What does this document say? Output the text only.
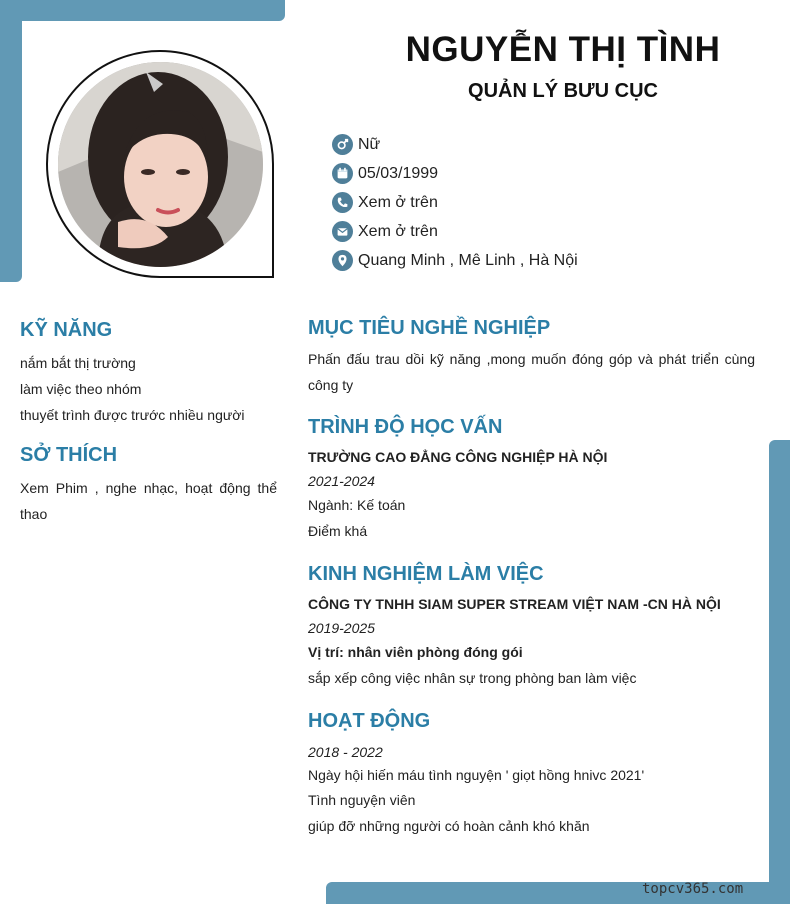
NGUYỄN THỊ TÌNH
QUẢN LÝ BƯU CỤC
Nữ
05/03/1999
Xem ở trên
Xem ở trên
Quang Minh , Mê Linh , Hà Nội
KỸ NĂNG
nắm bắt thị trường
làm việc theo nhóm
thuyết trình được trước nhiều người
SỞ THÍCH
Xem Phim , nghe nhạc, hoạt động thể thao
MỤC TIÊU NGHỀ NGHIỆP
Phấn đấu trau dồi kỹ năng ,mong muốn đóng góp và phát triển cùng công ty
TRÌNH ĐỘ HỌC VẤN
TRƯỜNG CAO ĐẲNG CÔNG NGHIỆP HÀ NỘI
2021-2024
Ngành: Kế toán
Điểm khá
KINH NGHIỆM LÀM VIỆC
CÔNG TY TNHH SIAM SUPER STREAM VIỆT NAM -CN HÀ NỘI
2019-2025
Vị trí: nhân viên phòng đóng gói
sắp xếp công việc nhân sự trong phòng ban làm việc
HOẠT ĐỘNG
2018 - 2022
Ngày hội hiến máu tình nguyện ' giọt hồng hnivc 2021'
Tình nguyện viên
giúp đỡ những người có hoàn cảnh khó khăn
topcv365.com
